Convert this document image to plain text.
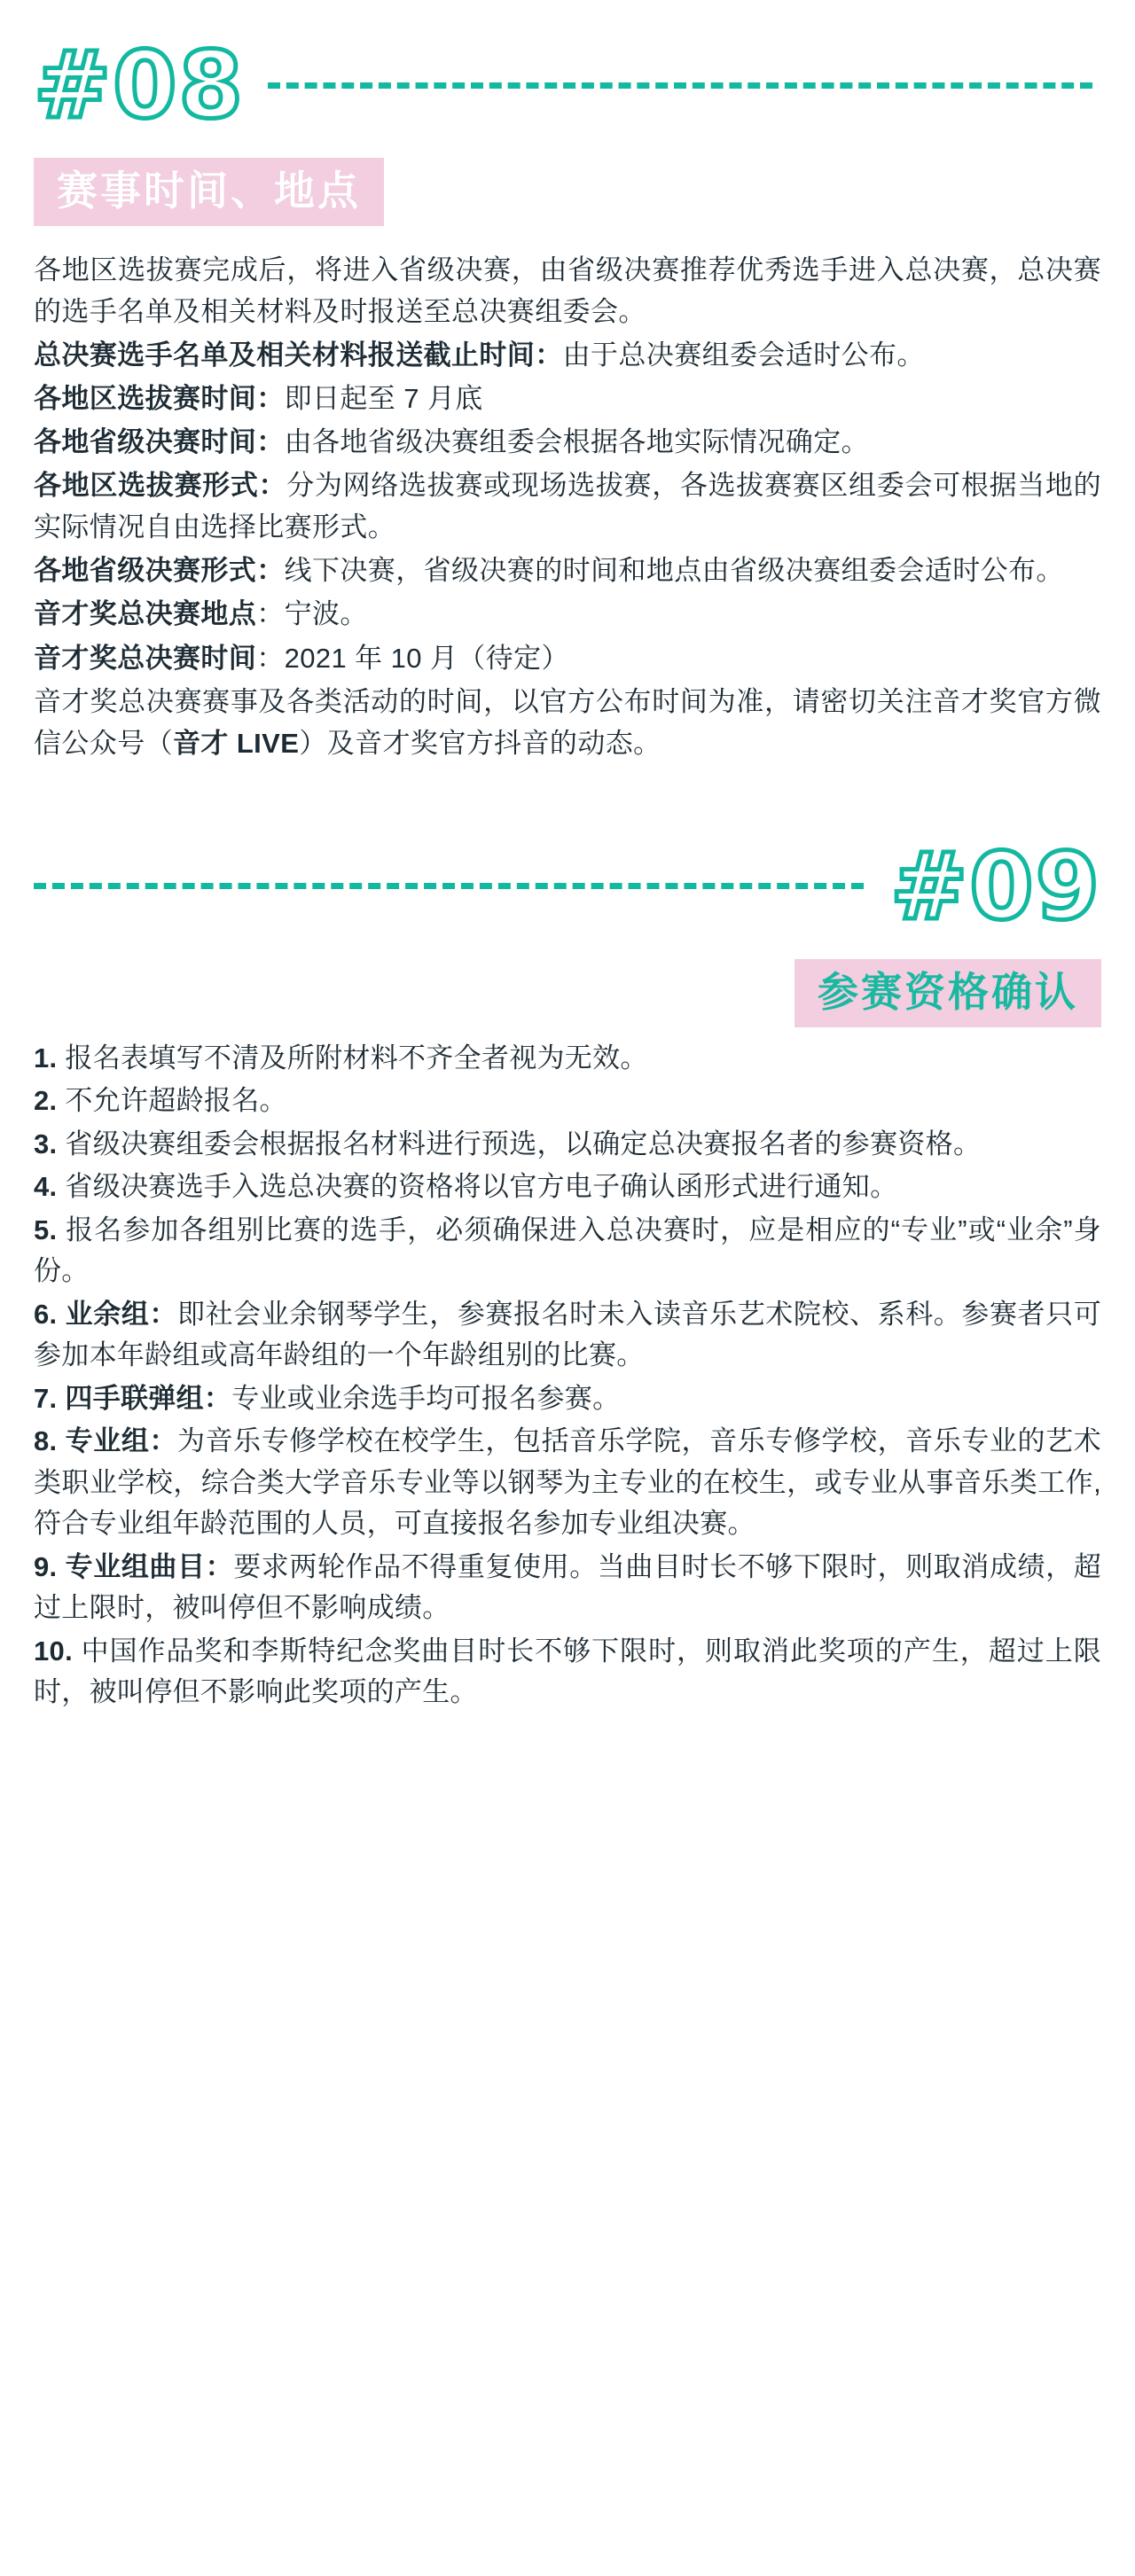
#08
赛事时间、地点

各地区选拔赛完成后，将进入省级决赛，由省级决赛推荐优秀选手进入总决赛，总决赛的选手名单及相关材料及时报送至总决赛组委会。

总决赛选手名单及相关材料报送截止时间：由于总决赛组委会适时公布。

各地区选拔赛时间：即日起至 7 月底

各地省级决赛时间：由各地省级决赛组委会根据各地实际情况确定。

各地区选拔赛形式：分为网络选拔赛或现场选拔赛，各选拔赛赛区组委会可根据当地的实际情况自由选择比赛形式。

各地省级决赛形式：线下决赛，省级决赛的时间和地点由省级决赛组委会适时公布。

音才奖总决赛地点：宁波。

音才奖总决赛时间：2021 年 10 月（待定）

音才奖总决赛赛事及各类活动的时间，以官方公布时间为准，请密切关注音才奖官方微信公众号（音才 LIVE）及音才奖官方抖音的动态。

#09
参赛资格确认

1. 报名表填写不清及所附材料不齐全者视为无效。

2. 不允许超龄报名。

3. 省级决赛组委会根据报名材料进行预选，以确定总决赛报名者的参赛资格。

4. 省级决赛选手入选总决赛的资格将以官方电子确认函形式进行通知。

5. 报名参加各组别比赛的选手，必须确保进入总决赛时，应是相应的“专业”或“业余”身份。

6. 业余组：即社会业余钢琴学生，参赛报名时未入读音乐艺术院校、系科。参赛者只可参加本年龄组或高年龄组的一个年龄组别的比赛。

7. 四手联弹组：专业或业余选手均可报名参赛。

8. 专业组：为音乐专修学校在校学生，包括音乐学院，音乐专修学校，音乐专业的艺术类职业学校，综合类大学音乐专业等以钢琴为主专业的在校生，或专业从事音乐类工作, 符合专业组年龄范围的人员，可直接报名参加专业组决赛。

9. 专业组曲目：要求两轮作品不得重复使用。当曲目时长不够下限时，则取消成绩，超过上限时，被叫停但不影响成绩。

10. 中国作品奖和李斯特纪念奖曲目时长不够下限时，则取消此奖项的产生，超过上限时，被叫停但不影响此奖项的产生。
